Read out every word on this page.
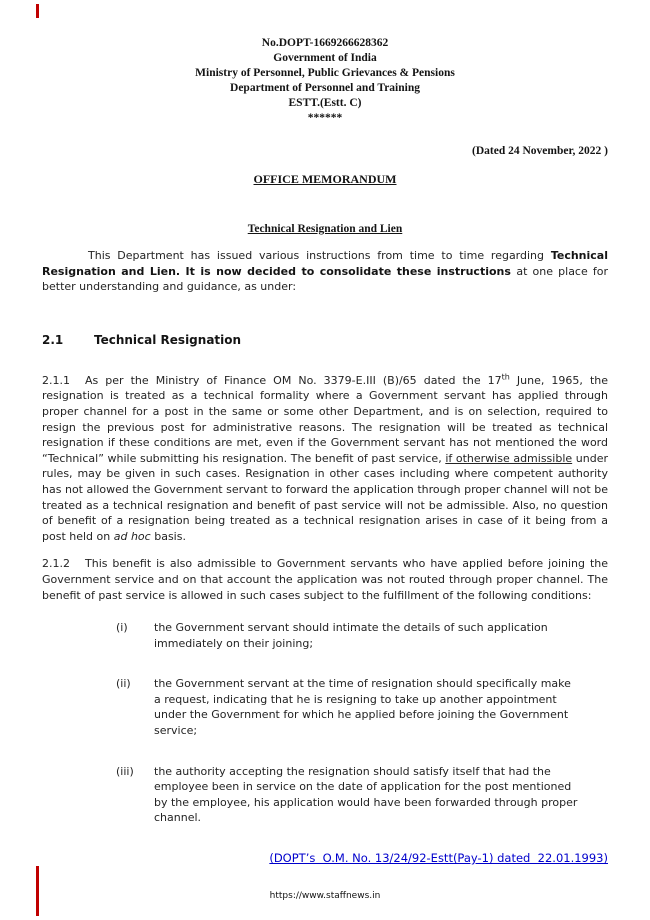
No.DOPT-1669266628362
Government of India
Ministry of Personnel, Public Grievances & Pensions
Department of Personnel and Training
ESTT.(Estt. C)
******
(Dated 24 November, 2022 )
OFFICE MEMORANDUM
Technical Resignation and Lien

This Department has issued various instructions from time to time regarding Technical Resignation and Lien. It is now decided to consolidate these instructions at one place for better understanding and guidance, as under:

2.1	Technical Resignation

2.1.1 As per the Ministry of Finance OM No. 3379-E.III (B)/65 dated the 17th June, 1965, the resignation is treated as a technical formality where a Government servant has applied through proper channel for a post in the same or some other Department, and is on selection, required to resign the previous post for administrative reasons. The resignation will be treated as technical resignation if these conditions are met, even if the Government servant has not mentioned the word “Technical” while submitting his resignation. The benefit of past service, if otherwise admissible under rules, may be given in such cases. Resignation in other cases including where competent authority has not allowed the Government servant to forward the application through proper channel will not be treated as a technical resignation and benefit of past service will not be admissible. Also, no question of benefit of a resignation being treated as a technical resignation arises in case of it being from a post held on ad hoc basis.

2.1.2 This benefit is also admissible to Government servants who have applied before joining the Government service and on that account the application was not routed through proper channel. The benefit of past service is allowed in such cases subject to the fulfillment of the following conditions:

(i)	the Government servant should intimate the details of such application immediately on their joining;
(ii)	the Government servant at the time of resignation should specifically make a request, indicating that he is resigning to take up another appointment under the Government for which he applied before joining the Government service;
(iii)	the authority accepting the resignation should satisfy itself that had the employee been in service on the date of application for the post mentioned by the employee, his application would have been forwarded through proper channel.
(DOPT’s  O.M. No. 13/24/92-Estt(Pay-1) dated  22.01.1993)
https://www.staffnews.in
